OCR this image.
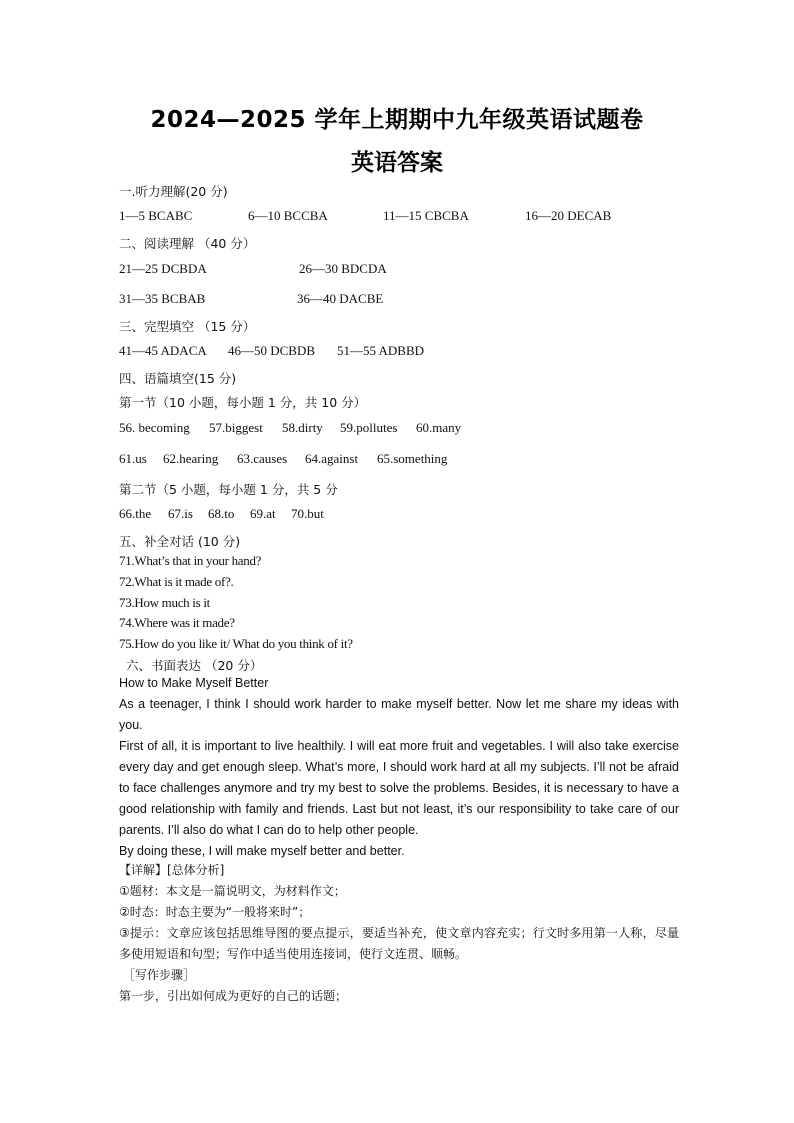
2024—2025 学年上期期中九年级英语试题卷
英语答案
一.听力理解(20 分)
1—5 BCABC	6—10 BCCBA	11—15 CBCBA	16—20 DECAB
二、阅读理解 （40 分）
21—25 DCBDA	26—30 BDCDA
31—35 BCBAB	36—40 DACBE
三、完型填空 （15 分）
41—45 ADACA 46—50 DCBDB 51—55 ADBBD
四、语篇填空(15 分)
第一节（10 小题，每小题 1 分，共 10 分）
56. becoming 57.biggest 58.dirty 59.pollutes 60.many
61.us 62.hearing 63.causes 64.against 65.something
第二节（5 小题，每小题 1 分，共 5 分
66.the 67.is 68.to 69.at 70.but
五、补全对话 (10 分)
71.What’s that in your hand?
72.What is it made of?.
73.How much is it
74.Where was it made?
75.How do you like it/ What do you think of it?
六、书面表达 （20 分）
How to Make Myself Better

As a teenager, I think I should work harder to make myself better. Now let me share my ideas with you.

First of all, it is important to live healthily. I will eat more fruit and vegetables. I will also take exercise every day and get enough sleep. What’s more, I should work hard at all my subjects. I’ll not be afraid to face challenges anymore and try my best to solve the problems. Besides, it is necessary to have a good relationship with family and friends. Last but not least, it’s our responsibility to take care of our parents. I’ll also do what I can do to help other people.

By doing these, I will make myself better and better.

【详解】[总体分析]

①题材：本文是一篇说明文，为材料作文；

②时态：时态主要为“一般将来时”；

③提示：文章应该包括思维导图的要点提示，要适当补充，使文章内容充实；行文时多用第一人称，尽量多使用短语和句型；写作中适当使用连接词，使行文连贯、顺畅。

［写作步骤］

第一步，引出如何成为更好的自己的话题；
